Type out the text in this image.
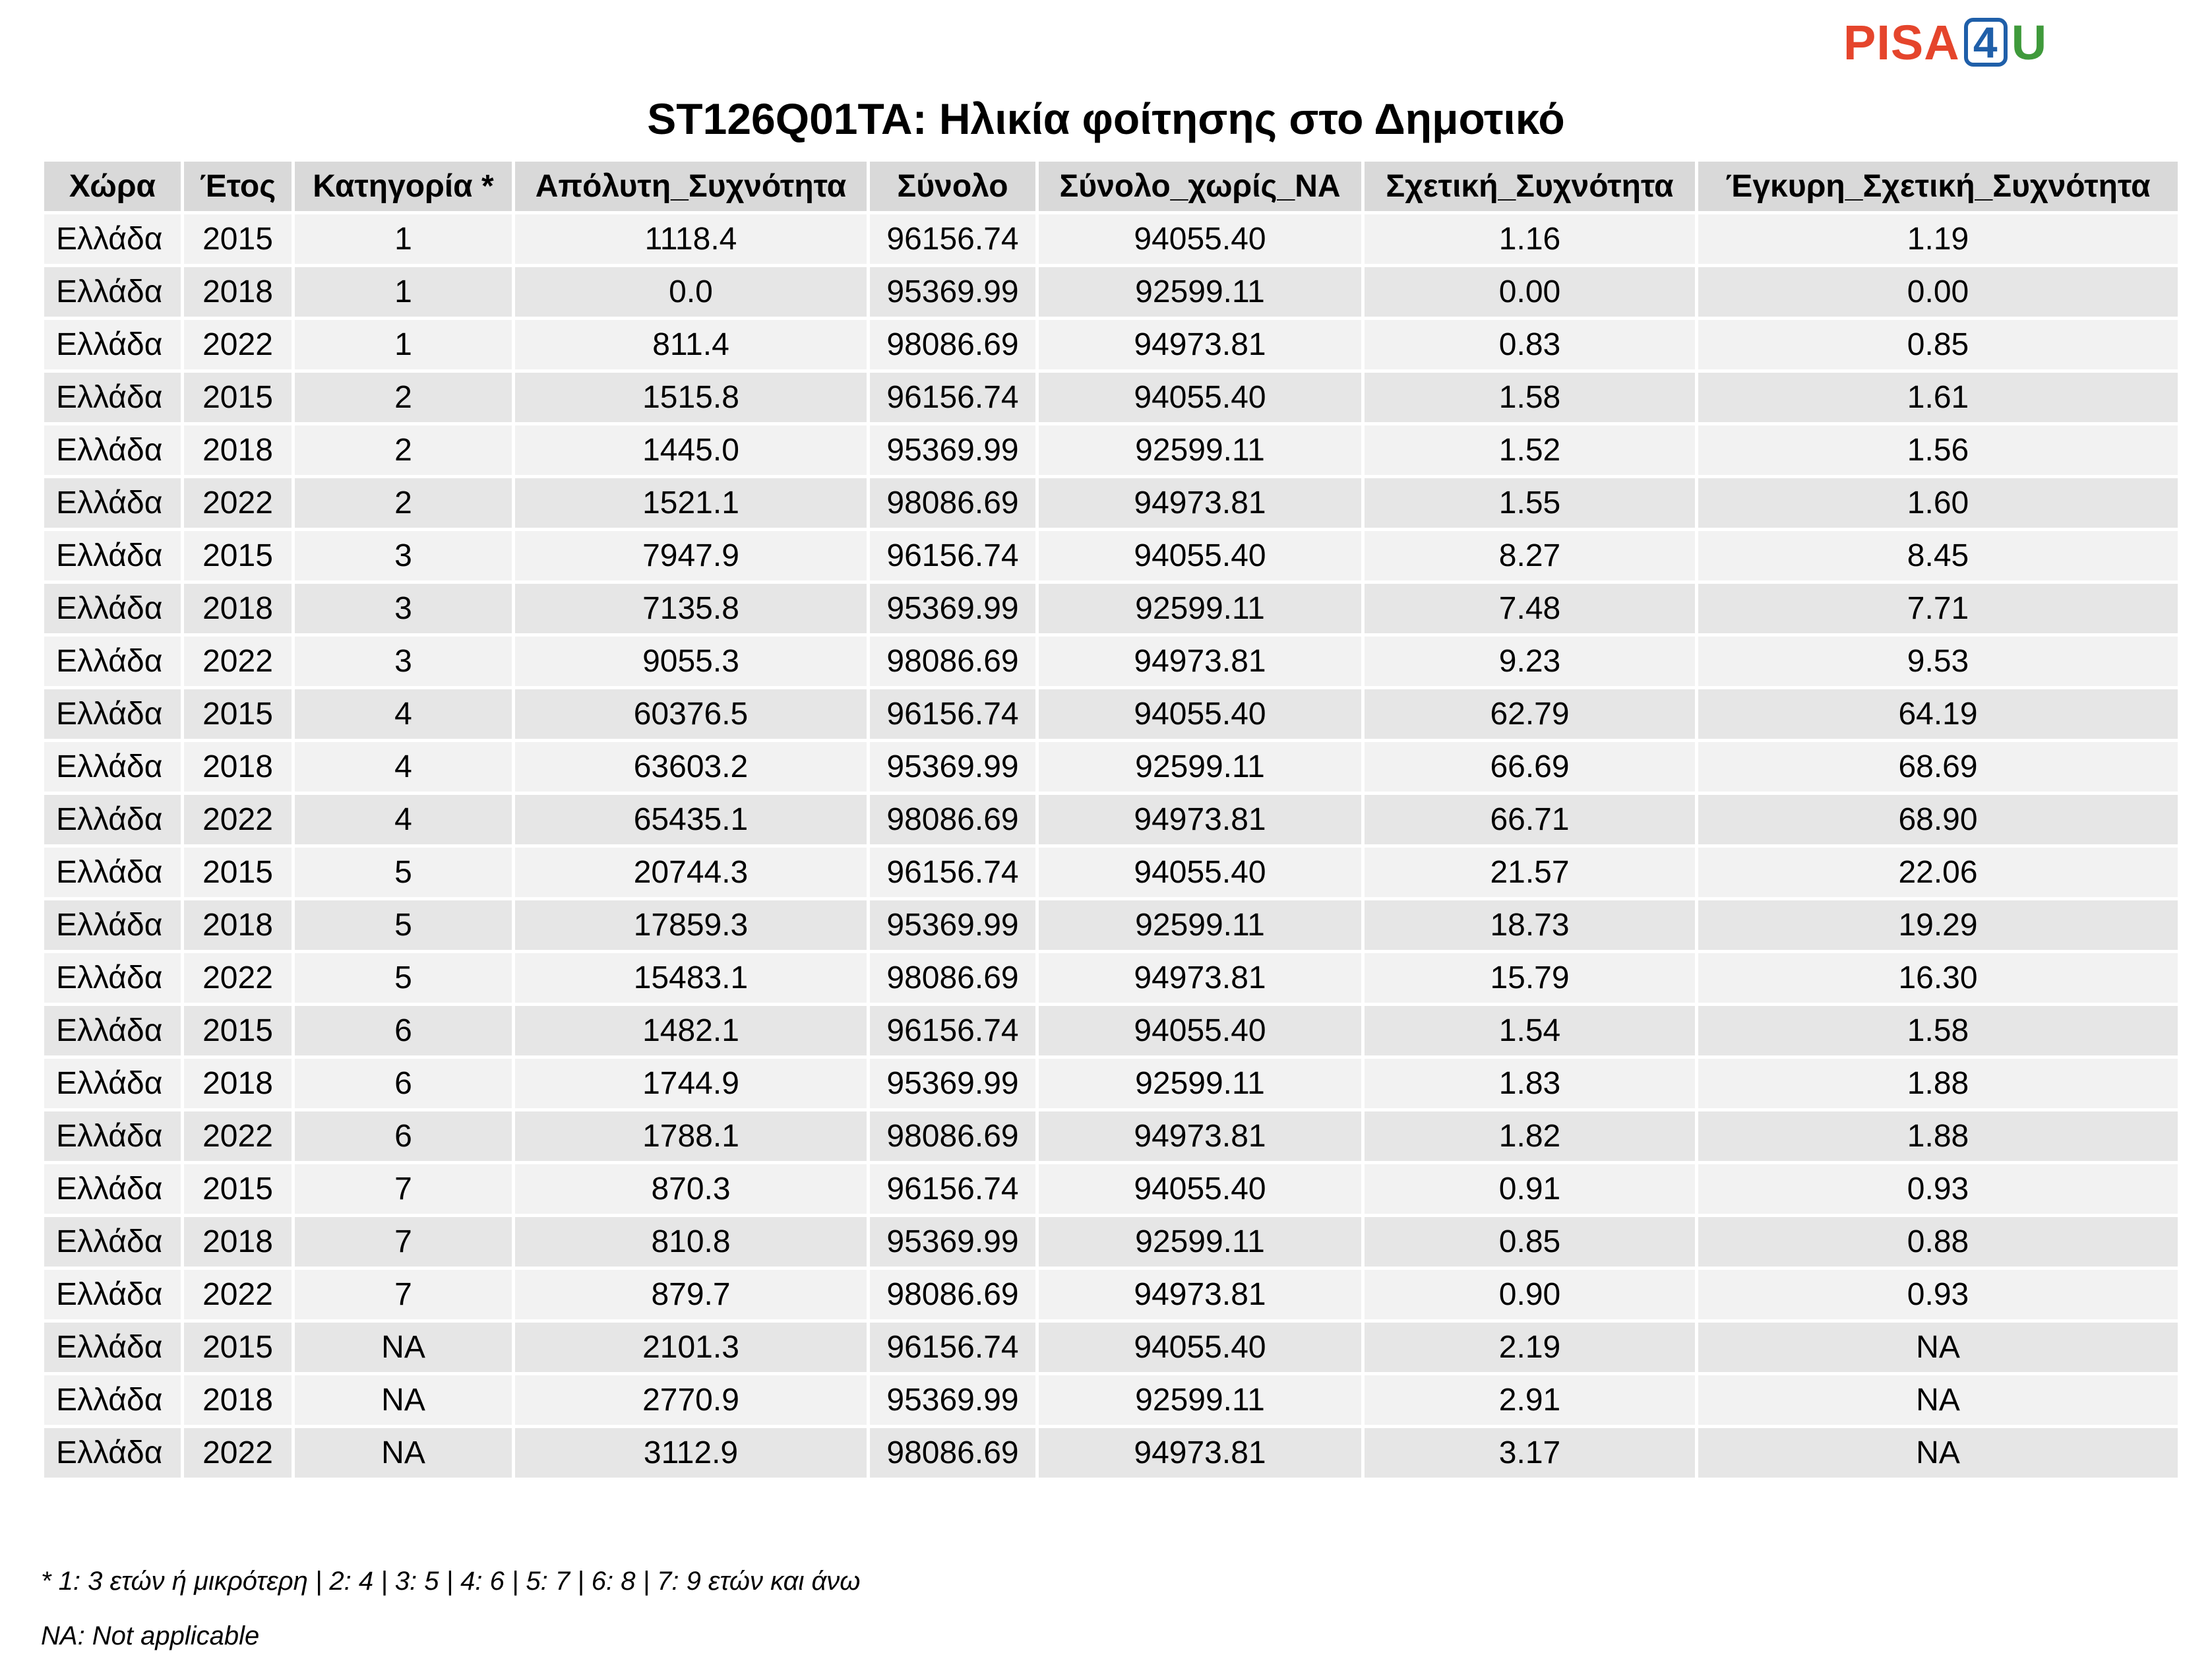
PISA 4 U
ST126Q01TA: Ηλικία φοίτησης στο Δημοτικό
Χώρα	Έτος	Κατηγορία *	Απόλυτη_Συχνότητα	Σύνολο	Σύνολο_χωρίς_NA	Σχετική_Συχνότητα	Έγκυρη_Σχετική_Συχνότητα
Ελλάδα	2015	1	1118.4	96156.74	94055.40	1.16	1.19
Ελλάδα	2018	1	0.0	95369.99	92599.11	0.00	0.00
Ελλάδα	2022	1	811.4	98086.69	94973.81	0.83	0.85
Ελλάδα	2015	2	1515.8	96156.74	94055.40	1.58	1.61
Ελλάδα	2018	2	1445.0	95369.99	92599.11	1.52	1.56
Ελλάδα	2022	2	1521.1	98086.69	94973.81	1.55	1.60
Ελλάδα	2015	3	7947.9	96156.74	94055.40	8.27	8.45
Ελλάδα	2018	3	7135.8	95369.99	92599.11	7.48	7.71
Ελλάδα	2022	3	9055.3	98086.69	94973.81	9.23	9.53
Ελλάδα	2015	4	60376.5	96156.74	94055.40	62.79	64.19
Ελλάδα	2018	4	63603.2	95369.99	92599.11	66.69	68.69
Ελλάδα	2022	4	65435.1	98086.69	94973.81	66.71	68.90
Ελλάδα	2015	5	20744.3	96156.74	94055.40	21.57	22.06
Ελλάδα	2018	5	17859.3	95369.99	92599.11	18.73	19.29
Ελλάδα	2022	5	15483.1	98086.69	94973.81	15.79	16.30
Ελλάδα	2015	6	1482.1	96156.74	94055.40	1.54	1.58
Ελλάδα	2018	6	1744.9	95369.99	92599.11	1.83	1.88
Ελλάδα	2022	6	1788.1	98086.69	94973.81	1.82	1.88
Ελλάδα	2015	7	870.3	96156.74	94055.40	0.91	0.93
Ελλάδα	2018	7	810.8	95369.99	92599.11	0.85	0.88
Ελλάδα	2022	7	879.7	98086.69	94973.81	0.90	0.93
Ελλάδα	2015	NA	2101.3	96156.74	94055.40	2.19	NA
Ελλάδα	2018	NA	2770.9	95369.99	92599.11	2.91	NA
Ελλάδα	2022	NA	3112.9	98086.69	94973.81	3.17	NA
* 1: 3 ετών ή μικρότερη | 2: 4 | 3: 5 | 4: 6 | 5: 7 | 6: 8 | 7: 9 ετών και άνω
NA: Not applicable
